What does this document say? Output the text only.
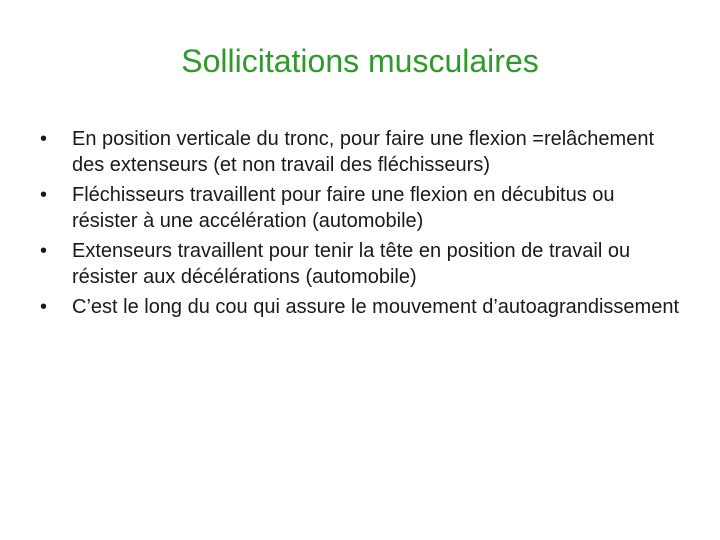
Sollicitations musculaires
•	En position verticale du tronc, pour faire une flexion =relâchement des extenseurs (et non travail des fléchisseurs)
•	Fléchisseurs travaillent pour faire une flexion en décubitus ou résister à une accélération (automobile)
•	Extenseurs travaillent pour tenir la tête en position de travail ou résister aux décélérations (automobile)
•	C’est le long du cou qui assure le mouvement d’autoagrandissement
